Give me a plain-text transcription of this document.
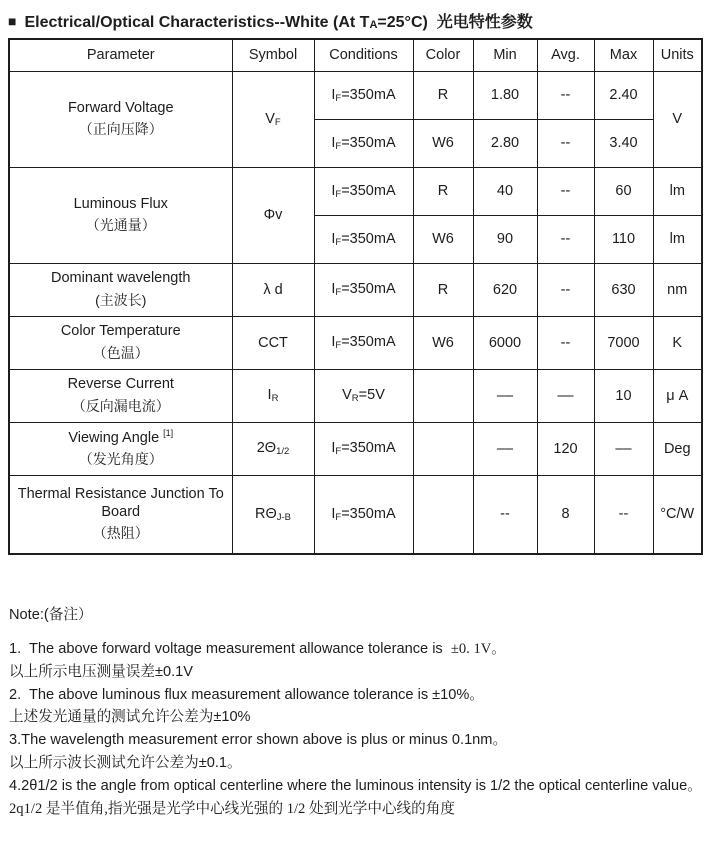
■ Electrical/Optical Characteristics--White (At $T_A=25^\circ C$)  光电特性参数
Parameter	Symbol	Conditions	Color	Min	Avg.	Max	Units

Forward Voltage
（正向压降）	$V_F$	$I_F=350mA$	R	1.80	--	2.40	V
		$I_F=350mA$	W6	2.80	--	3.40	

Luminous Flux
（光通量）	Φv	$I_F=350mA$	R	40	--	60	lm
		$I_F=350mA$	W6	90	--	110	lm

Dominant wavelength
(主波长)	λ d	$I_F=350mA$	R	620	--	630	nm

Color Temperature
（色温）	CCT	$I_F=350mA$	W6	6000	--	7000	K

Reverse Current
（反向漏电流）	$I_R$	$V_R=5V$		––	––	10	μ A

Viewing Angle [1]
（发光角度）	$2\Theta_{1/2}$	$I_F=350mA$		––	120	––	Deg

Thermal Resistance Junction To Board
（热阻）	$R\Theta_{J-B}$	$I_F=350mA$		--	8	--	°C/W
Note:(备注）
1.  The above forward voltage measurement allowance tolerance is  ±0. 1V。
以上所示电压测量误差±0.1V
2.  The above luminous flux measurement allowance tolerance is ±10%。
上述发光通量的测试允许公差为±10%
3.The wavelength measurement error shown above is plus or minus 0.1nm。
以上所示波长测试允许公差为±0.1。
4.2θ1/2 is the angle from optical centerline where the luminous intensity is 1/2 the optical centerline value。
2q1/2 是半值角,指光强是光学中心线光强的 1/2 处到光学中心线的角度
